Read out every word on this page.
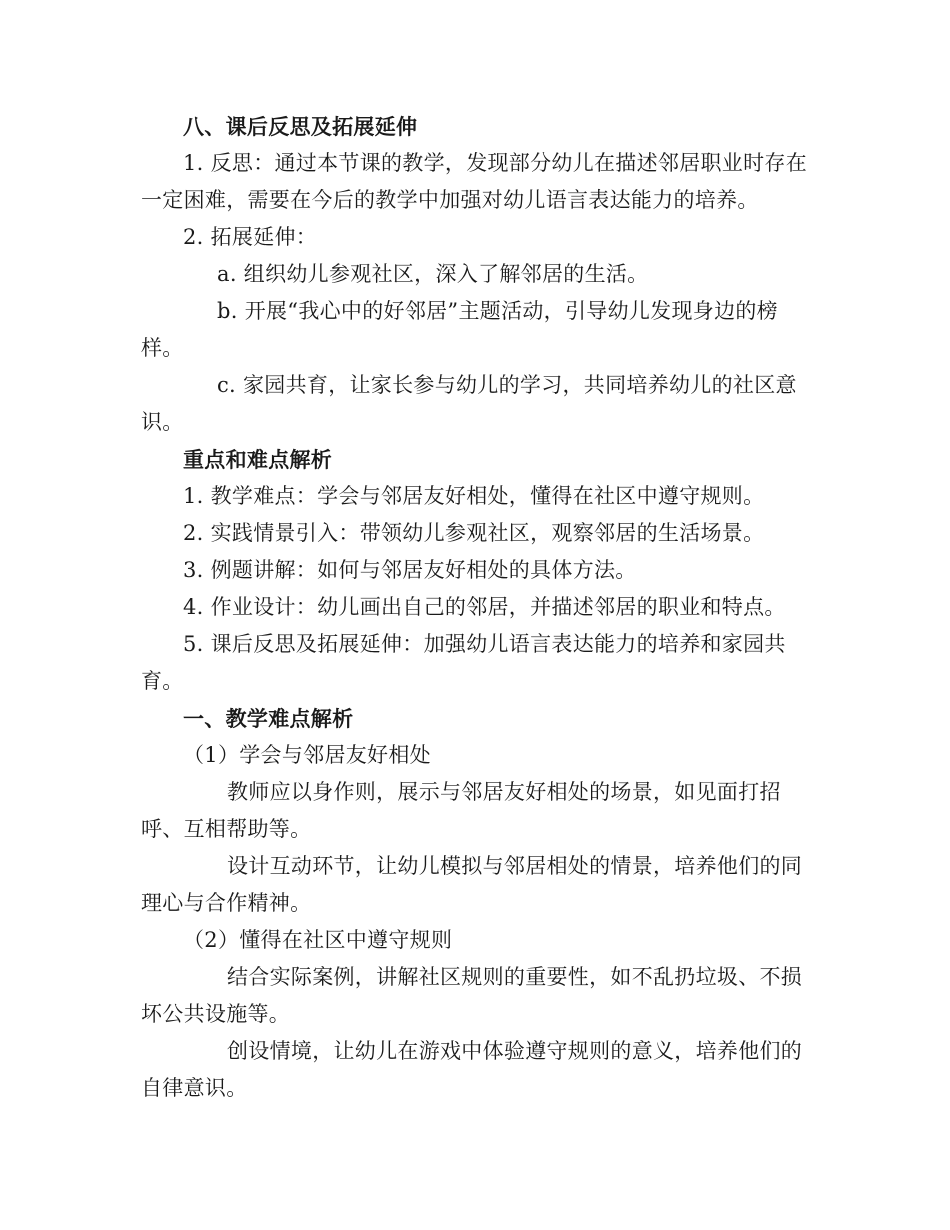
八、课后反思及拓展延伸

1. 反思：通过本节课的教学，发现部分幼儿在描述邻居职业时存在一定困难，需要在今后的教学中加强对幼儿语言表达能力的培养。

2. 拓展延伸：

a. 组织幼儿参观社区，深入了解邻居的生活。

b. 开展“我心中的好邻居”主题活动，引导幼儿发现身边的榜样。

c. 家园共育，让家长参与幼儿的学习，共同培养幼儿的社区意识。

重点和难点解析

1. 教学难点：学会与邻居友好相处，懂得在社区中遵守规则。

2. 实践情景引入：带领幼儿参观社区，观察邻居的生活场景。

3. 例题讲解：如何与邻居友好相处的具体方法。

4. 作业设计：幼儿画出自己的邻居，并描述邻居的职业和特点。

5. 课后反思及拓展延伸：加强幼儿语言表达能力的培养和家园共育。

一、教学难点解析

（1）学会与邻居友好相处

教师应以身作则，展示与邻居友好相处的场景，如见面打招呼、互相帮助等。

设计互动环节，让幼儿模拟与邻居相处的情景，培养他们的同理心与合作精神。

（2）懂得在社区中遵守规则

结合实际案例，讲解社区规则的重要性，如不乱扔垃圾、不损坏公共设施等。

创设情境，让幼儿在游戏中体验遵守规则的意义，培养他们的自律意识。
